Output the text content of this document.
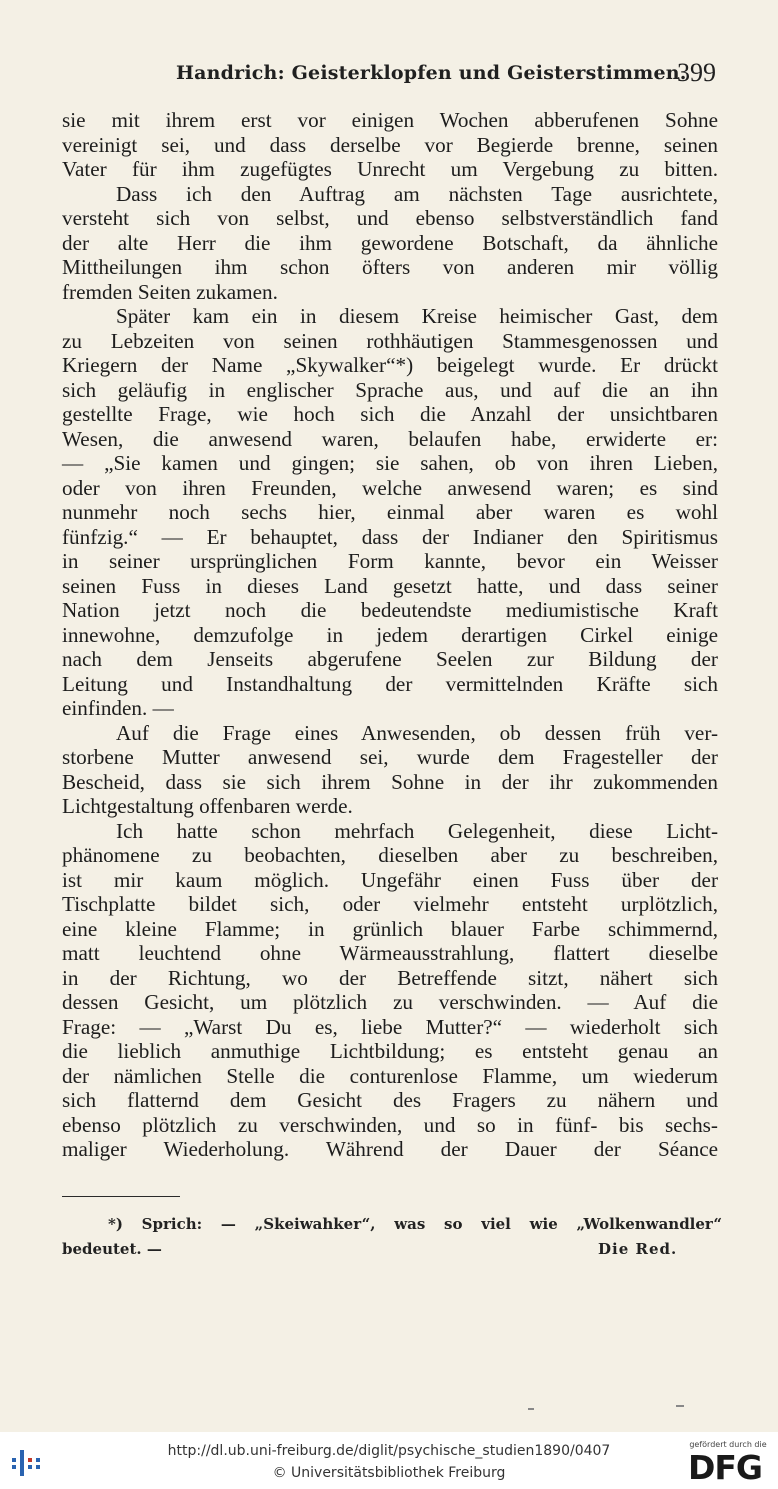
Handrich: Geisterklopfen und Geisterstimmen.
399
sie mit ihrem erst vor einigen Wochen abberufenen Sohne
vereinigt sei, und dass derselbe vor Begierde brenne, seinen
Vater für ihm zugefügtes Unrecht um Vergebung zu bitten.
Dass ich den Auftrag am nächsten Tage ausrichtete,
versteht sich von selbst, und ebenso selbstverständlich fand
der alte Herr die ihm gewordene Botschaft, da ähnliche
Mittheilungen ihm schon öfters von anderen mir völlig
fremden Seiten zukamen.
Später kam ein in diesem Kreise heimischer Gast, dem
zu Lebzeiten von seinen rothhäutigen Stammesgenossen und
Kriegern der Name „Skywalker“*) beigelegt wurde. Er drückt
sich geläufig in englischer Sprache aus, und auf die an ihn
gestellte Frage, wie hoch sich die Anzahl der unsichtbaren
Wesen, die anwesend waren, belaufen habe, erwiderte er:
— „Sie kamen und gingen; sie sahen, ob von ihren Lieben,
oder von ihren Freunden, welche anwesend waren; es sind
nunmehr noch sechs hier, einmal aber waren es wohl
fünfzig.“ — Er behauptet, dass der Indianer den Spiritismus
in seiner ursprünglichen Form kannte, bevor ein Weisser
seinen Fuss in dieses Land gesetzt hatte, und dass seiner
Nation jetzt noch die bedeutendste mediumistische Kraft
innewohne, demzufolge in jedem derartigen Cirkel einige
nach dem Jenseits abgerufene Seelen zur Bildung der
Leitung und Instandhaltung der vermittelnden Kräfte sich
einfinden. —
Auf die Frage eines Anwesenden, ob dessen früh ver-
storbene Mutter anwesend sei, wurde dem Fragesteller der
Bescheid, dass sie sich ihrem Sohne in der ihr zukommenden
Lichtgestaltung offenbaren werde.
Ich hatte schon mehrfach Gelegenheit, diese Licht-
phänomene zu beobachten, dieselben aber zu beschreiben,
ist mir kaum möglich. Ungefähr einen Fuss über der
Tischplatte bildet sich, oder vielmehr entsteht urplötzlich,
eine kleine Flamme; in grünlich blauer Farbe schimmernd,
matt leuchtend ohne Wärmeausstrahlung, flattert dieselbe
in der Richtung, wo der Betreffende sitzt, nähert sich
dessen Gesicht, um plötzlich zu verschwinden. — Auf die
Frage: — „Warst Du es, liebe Mutter?“ — wiederholt sich
die lieblich anmuthige Lichtbildung; es entsteht genau an
der nämlichen Stelle die conturenlose Flamme, um wiederum
sich flatternd dem Gesicht des Fragers zu nähern und
ebenso plötzlich zu verschwinden, und so in fünf- bis sechs-
maliger Wiederholung. Während der Dauer der Séance
*) Sprich: — „Skeiwahker“, was so viel wie „Wolkenwandler“
bedeutet. —	Die Red.
http://dl.ub.uni-freiburg.de/diglit/psychische_studien1890/0407
© Universitätsbibliothek Freiburg
gefördert durch die
DFG
